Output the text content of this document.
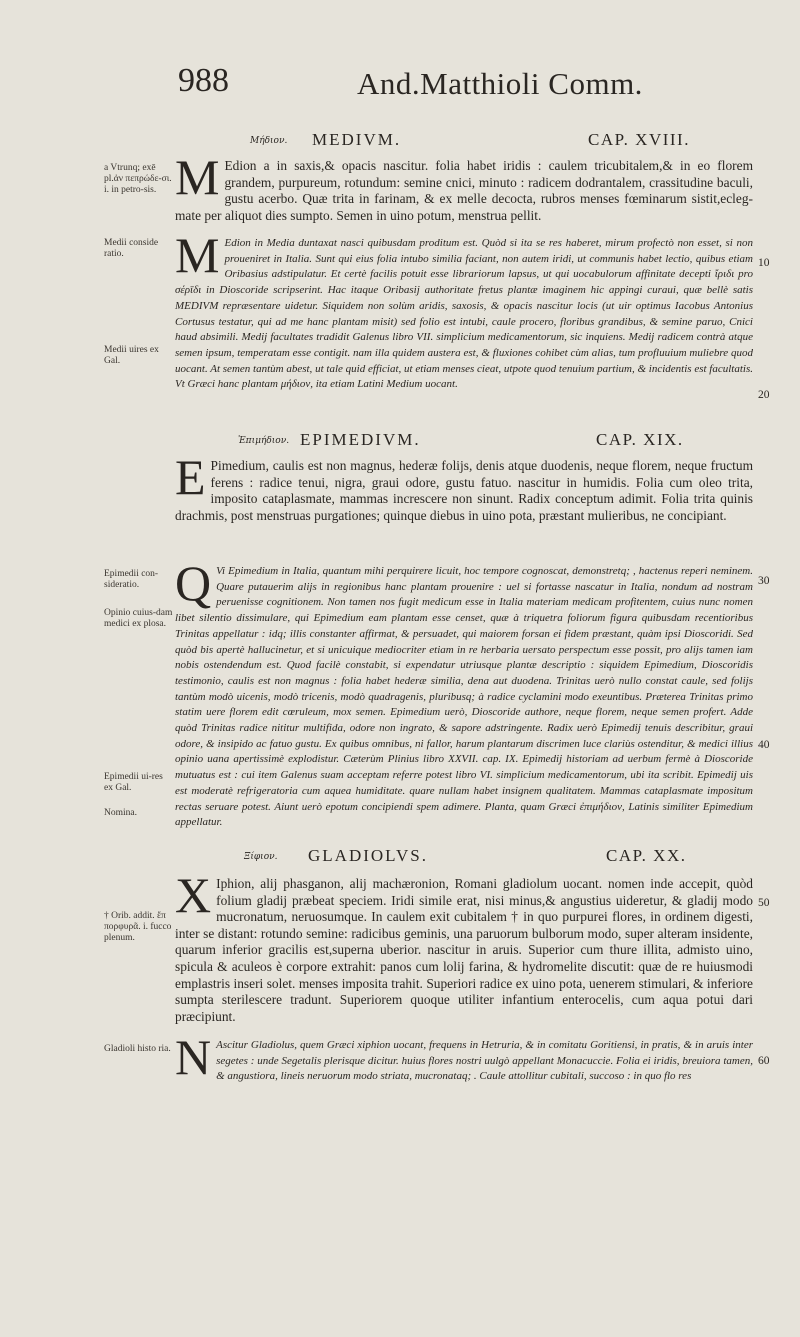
988	And.Matthioli Comm.
Μήδιον. MEDIVM.	CAP. XVIII.
a Vtrunq; exē pl.ἀν πεπρώδε-σι. i. in petro-sis. M Edion a in saxis,& opacis nascitur. folia habet iridis : caulem tricubitalem,& in eo florem grandem, purpureum, rotundum: semine cnici, minuto : radicem dodrantalem, crassitudine baculi, gustu acerbo. Quæ trita in farinam, & ex melle decocta, rubros menses fœminarum sistit,ecleg-mate per aliquot dies sumpto. Semen in uino potum, menstrua pellit.
Medii conside ratio.
Medii uires ex Gal.
M Edion in Media duntaxat nasci quibusdam proditum est. Quòd si ita se res haberet, mirum profectò non esset, si non proueniret in Italia. Sunt qui eius folia intubo similia faciant, non autem iridi, ut communis habet lectio, quibus etiam Oribasius adstipulatur. Et certè facilis potuit esse librariorum lapsus, ut qui uocabulorum affinitate decepti ἴριδι pro σέρῑδι in Dioscoride scripserint. Hac itaque Oribasij authoritate fretus plantæ imaginem hic appingi curaui, quæ bellè satis MEDIVM repræsentare uidetur. Siquidem non solùm aridis, saxosis, & opacis nascitur locis (ut uir optimus Iacobus Antonius Cortusus testatur, qui ad me hanc plantam misit) sed folio est intubi, caule procero, floribus grandibus, & semine paruo, Cnici haud absimili. Medij facultates tradidit Galenus libro VII. simplicium medicamentorum, sic inquiens. Medij radicem contrà atque semen ipsum, temperatam esse contigit. nam illa quidem austera est, & fluxiones cohibet cùm alias, tum profluuium muliebre quod uocant. At semen tantùm abest, ut tale quid efficiat, ut etiam menses cieat, utpote quod tenuium partium, & incidentis est facultatis. Vt Græci hanc plantam μήδιον, ita etiam Latini Medium uocant.
Ἐπιμήδιον. EPIMEDIVM.	CAP. XIX.
E Pimedium, caulis est non magnus, hederæ folijs, denis atque duodenis, neque florem, neque fructum ferens : radice tenui, nigra, graui odore, gustu fatuo. nascitur in humidis. Folia cum oleo trita, imposito cataplasmate, mammas increscere non sinunt. Radix conceptum adimit. Folia trita quinis drachmis, post menstruas purgationes; quinque diebus in uino pota, præstant mulieribus, ne concipiant.
Epimedii con-sideratio.
Opinio cuius-dam medici ex plosa.
Epimedii ui-res ex Gal.
Nomina.
Q Vi Epimedium in Italia, quantum mihi perquirere licuit, hoc tempore cognoscat, demonstretq; , hactenus reperi neminem. Quare putauerim alijs in regionibus hanc plantam prouenire : uel si fortasse nascatur in Italia, nondum ad nostram peruenisse cognitionem. Non tamen nos fugit medicum esse in Italia materiam medicam profitentem, cuius nunc nomen libet silentio dissimulare, qui Epimedium eam plantam esse censet, quæ à triquetra foliorum figura quibusdam recentioribus Trinitas appellatur : idq; illis constanter affirmat, & persuadet, qui maiorem forsan ei fidem præstant, quàm ipsi Dioscoridi. Sed quòd bis apertè hallucinetur, et si unicuique mediocriter etiam in re herbaria uersato perspectum esse possit, pro alijs tamen iam nobis ostendendum est. Quod facilè constabit, si expendatur utriusque plantæ descriptio : siquidem Epimedium, Dioscoridis testimonio, caulis est non magnus : folia habet hederæ similia, dena aut duodena. Trinitas uerò nullo constat caule, sed folijs tantùm modò uicenis, modò tricenis, modò quadragenis, pluribusq; à radice cyclamini modo exeuntibus. Præterea Trinitas primo statim uere florem edit cœruleum, mox semen. Epimedium uerò, Dioscoride authore, neque florem, neque semen profert. Adde quòd Trinitas radice nititur multifida, odore non ingrato, & sapore adstringente. Radix uerò Epimedij tenuis describitur, graui odore, & insipido ac fatuo gustu. Ex quibus omnibus, ni fallor, harum plantarum discrimen luce clariùs ostenditur, & medici illius opinio uana apertissimè explodistur. Cæterùm Plinius libro XXVII. cap. IX. Epimedij historiam ad uerbum fermè à Dioscoride mutuatus est : cui item Galenus suam acceptam referre potest libro VI. simplicium medicamentorum, ubi ita scribit. Epimedij uis est moderatè refrigeratoria cum aquea humiditate. quare nullam habet insignem qualitatem. Mammas cataplasmate impositum rectas seruare potest. Aiunt uerò epotum concipiendi spem adimere. Planta, quam Græci ἐπιμήδιον, Latinis similiter Epimedium appellatur.
Ξίφιον. GLADIOLVS.	CAP. XX.
† Orib. addit. ἔπ πορφυρᾶ. i. fucco plenum.
X Iphion, alij phasganon, alij machæronion, Romani gladiolum uocant. nomen inde accepit, quòd folium gladij præbeat speciem. Iridi simile erat, nisi minus,& angustius uideretur, & gladij modo mucronatum, neruosumque. In caulem exit cubitalem † in quo purpurei flores, in ordinem digesti, inter se distant: rotundo semine: radicibus geminis, una paruorum bulborum modo, super alteram insidente, quarum inferior gracilis est,superna uberior. nascitur in aruis. Superior cum thure illita, admisto uino, spicula & aculeos è corpore extrahit: panos cum lolij farina, & hydromelite discutit: quæ de re huiusmodi emplastris inseri solet. menses imposita trahit. Superiori radice ex uino pota, uenerem stimulari, & inferiore sumpta sterilescere tradunt. Superiorem quoque utiliter infantium enterocelis, cum aqua potui dari præcipiunt.
Gladioli histo ria. N Ascitur Gladiolus, quem Græci xiphion uocant, frequens in Hetruria, & in comitatu Goritiensi, in pratis, & in aruis inter segetes : unde Segetalis plerisque dicitur. huius flores nostri uulgò appellant Monacuccie. Folia ei iridis, breuiora tamen, & angustiora, lineis neruorum modo striata, mucronataq; . Caule attollitur cubitali, succoso : in quo flo res
10
20
30
40
50
60
